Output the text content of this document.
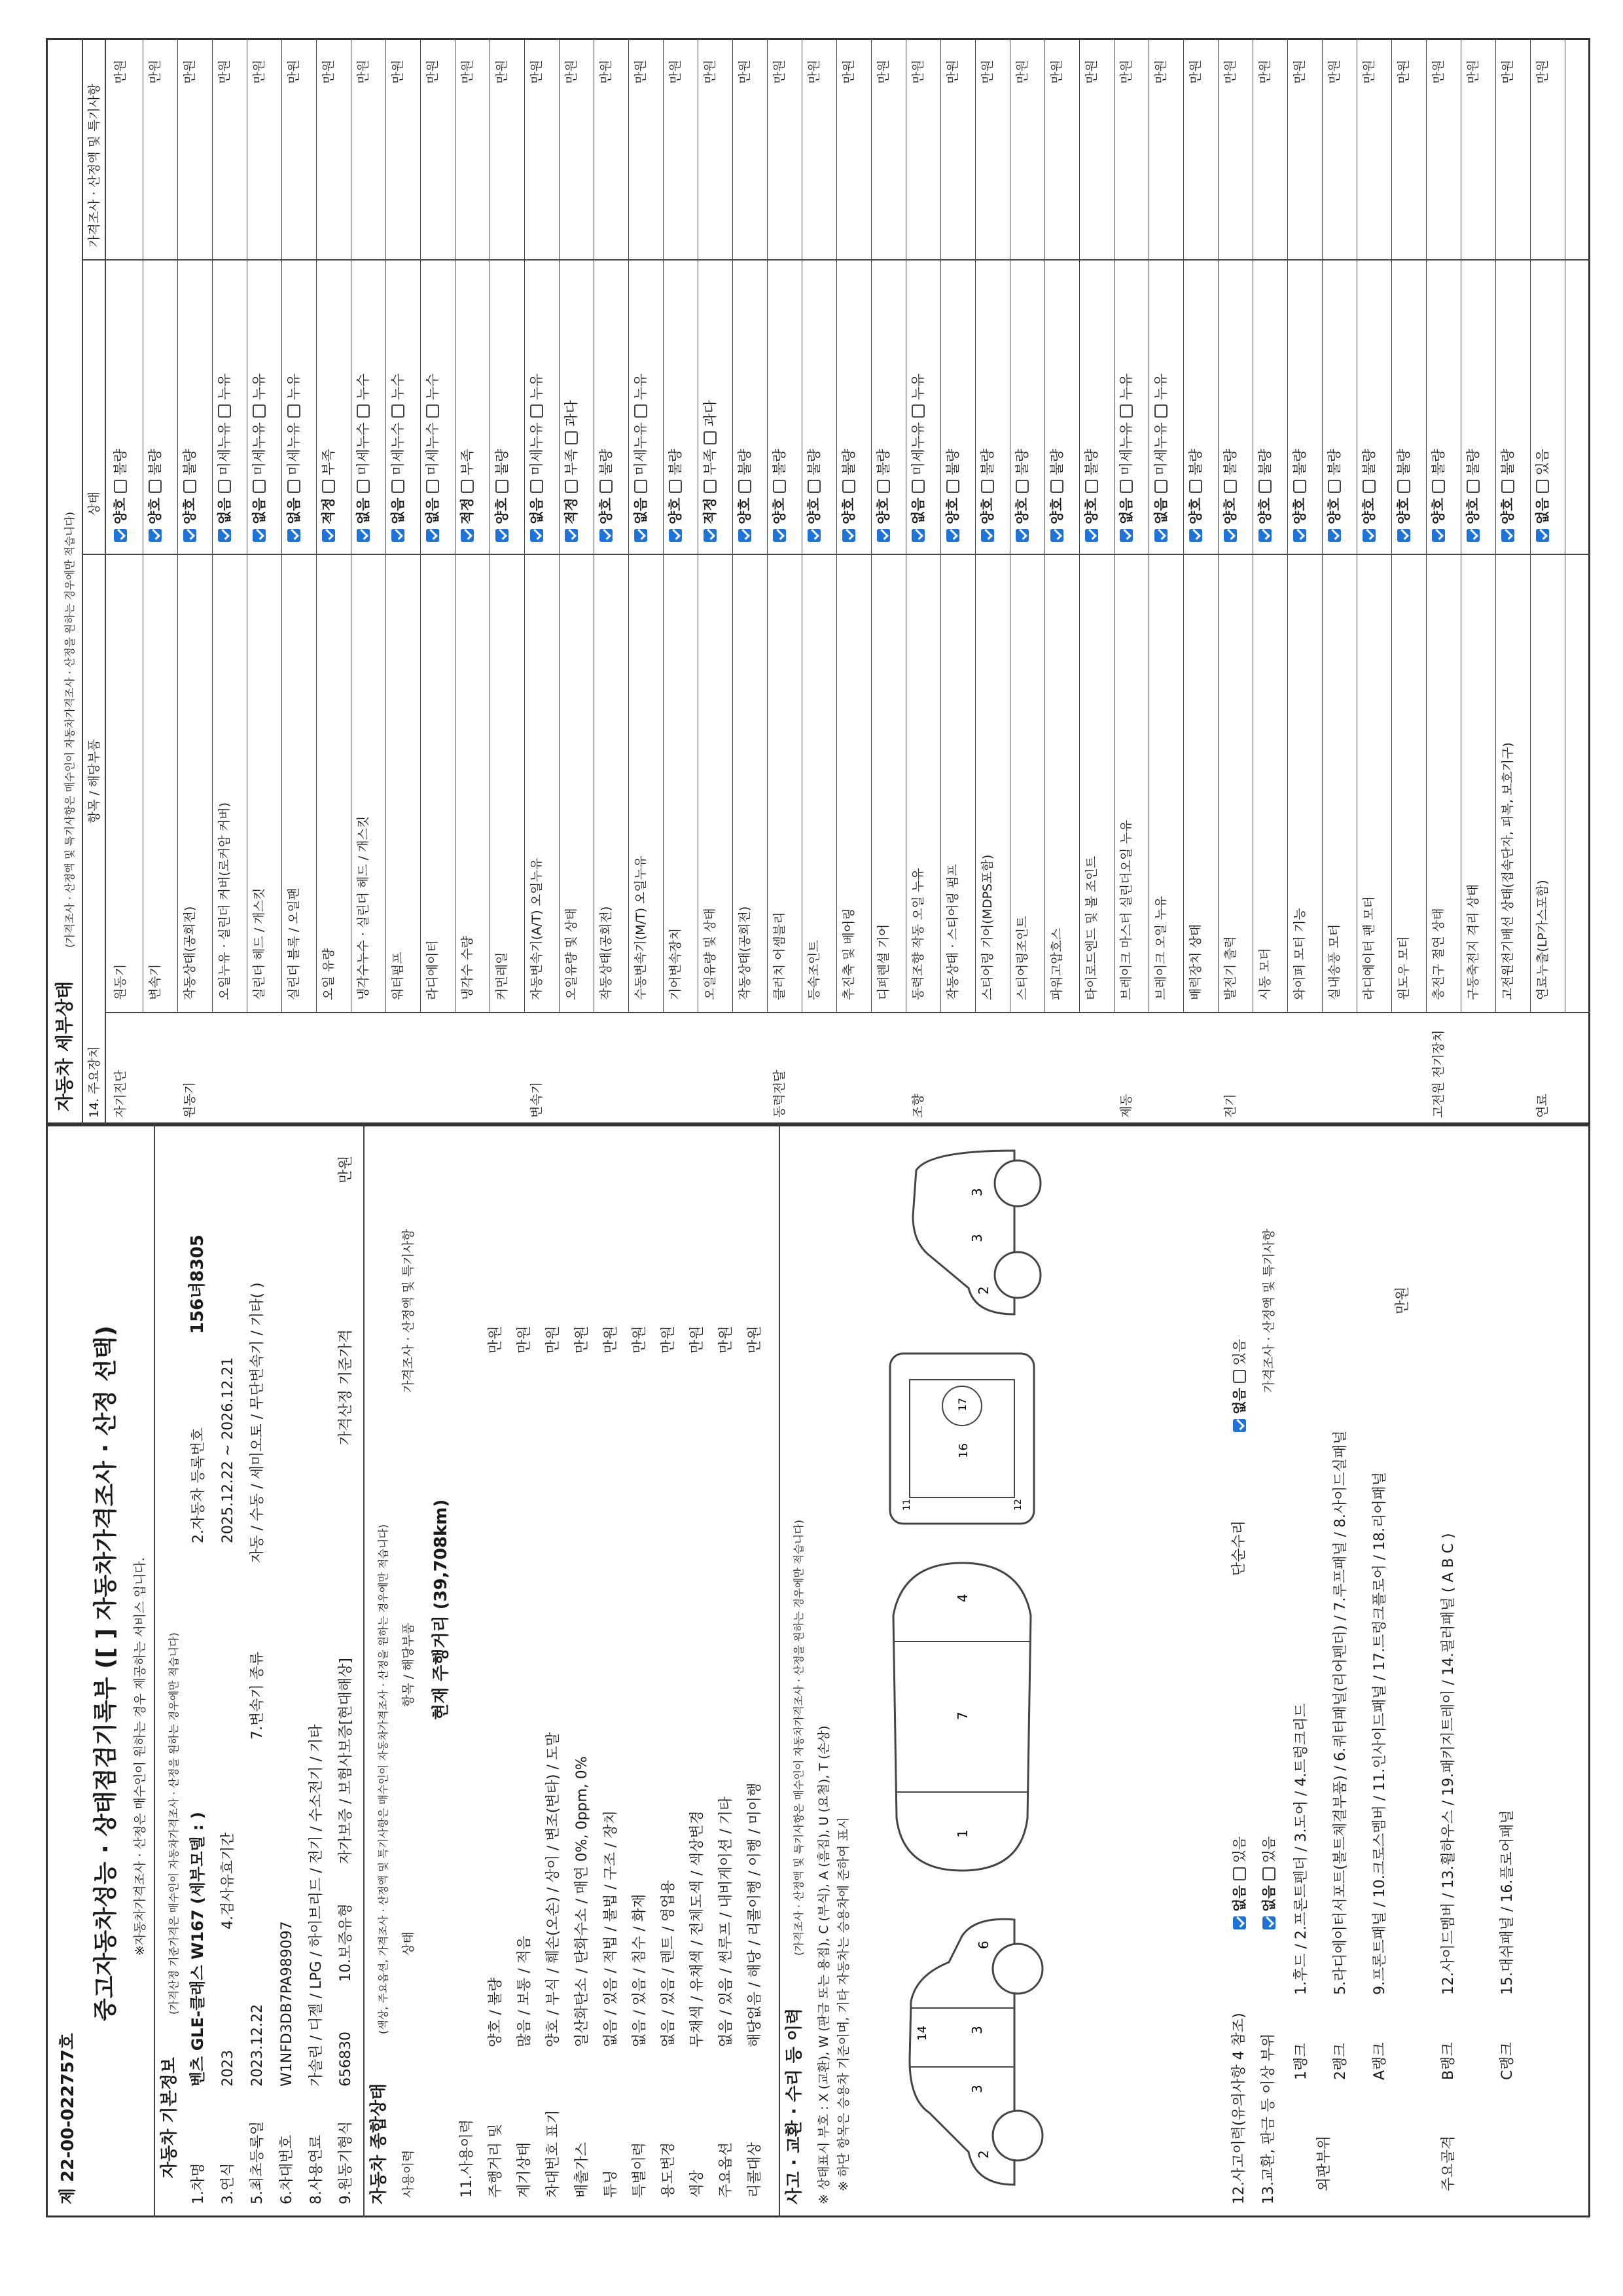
제 22-00-022757호
중고자동차성능 · 상태점검기록부 ([ ] 자동차가격조사 · 산정 선택) ※자동차가격조사 · 산정은 매수인이 원하는 경우 제공하는 서비스 입니다.
자동차 기본정보
(가격산정 기준가격은 매수인이 자동차가격조사 · 산정을 원하는 경우에만 적습니다)
1.차명
벤츠 GLE-클래스 W167 (세부모델 : )
2.자동차 등록번호
156녀8305
3.연식
2023
4.검사유효기간
2025.12.22 ~ 2026.12.21
5.최초등록일
2023.12.22
7.변속기 종류
자동 / 수동 / 세미오토 / 무단변속기 / 기타( )
6.차대번호
W1NFD3DB7PA989097
8.사용연료
가솔린 / 디젤 / LPG / 하이브리드 / 전기 / 수소전기 / 기타
9.원동기형식
656830
10.보증유형
자가보증 / 보험사보증[현대해상]
가격산정 기준가격
만원
자동차 종합상태
(색상, 주요옵션, 가격조사 · 산정액 및 특기사항은 매수인이 자동차가격조사 · 산정을 원하는 경우에만 적습니다)
사용이력
상태
항목 / 해당부품
가격조사 · 산정액 및 특기사항
현재 주행거리 (39,708km)
11.사용이력 주행거리 및
양호 / 불량
만원
계기상태
많음 / 보통 / 적음
만원
차대번호 표기
양호 / 부식 / 훼손(오손) / 상이 / 변조(변타) / 도말
만원
배출가스
일산화탄소 / 탄화수소 / 매연 0%, 0ppm, 0%
만원
튜닝
없음 / 있음 / 적법 / 불법 / 구조 / 장치
만원
특별이력
없음 / 있음 / 침수 / 화재
만원
용도변경
없음 / 있음 / 렌트 / 영업용
만원
색상
무채색 / 유채색 / 전체도색 / 색상변경
만원
주요옵션
없음 / 있음 / 썬루프 / 내비게이션 / 기타
만원
리콜대상
해당없음 / 해당 / 리콜이행 / 이행 / 미이행
만원
사고 · 교환 · 수리 등 이력
(가격조사 · 산정액 및 특기사항은 매수인이 자동차가격조사 · 산정을 원하는 경우에만 적습니다) ※ 상태표시 부호 : X (교환), W (판금 또는 용접), C (부식), A (흠집), U (요철), T (손상) ※ 하단 항목은 승용차 기준이며, 기타 자동차는 승용차에 준하여 표시	2
3
3
6
14
1
7
4
16
17
11	12
2
3
3
12.사고이력(유의사항 4 참조)
없음
있음
단순수리
없음
있음
13.교환, 판금 등 이상 부위
없음
있음
가격조사 · 산정액 및 특기사항
외판부위
1랭크
1.후드 / 2.프론트펜더 / 3.도어 / 4.트렁크리드
2랭크
5.라디에이터서포트(볼트체결부품) / 6.쿼터패널(리어펜더) / 7.루프패널 / 8.사이드실패널
주요골격
A랭크
9.프론트패널 / 10.크로스멤버 / 11.인사이드패널 / 17.트렁크플로어 / 18.리어패널
B랭크
12.사이드멤버 / 13.휠하우스 / 19.패키지트레이 / 14.필러패널 ( A B C )
C랭크
15.대쉬패널 / 16.플로어패널
만원
자동차 세부상태
(가격조사 · 산정액 및 특기사항은 매수인이 자동차가격조사 · 산정을 원하는 경우에만 적습니다)
14. 주요장치
항목 / 해당부품
상태
가격조사 · 산정액 및 특기사항
자기진단
원동기
양호
불량
만원
변속기
양호
불량
만원
원동기
작동상태(공회전)
양호
불량
만원
오일누유 · 실린더 커버(로커암 커버)
없음
미세누유
누유
만원
실린더 헤드 / 개스킷
없음
미세누유
누유
만원
실린더 블록 / 오일팬
없음
미세누유
누유
만원
오일 유량
적정
부족
만원
냉각수누수 · 실린더 헤드 / 개스킷
없음
미세누수
누수
만원
워터펌프
없음
미세누수
누수
만원
라디에이터
없음
미세누수
누수
만원
냉각수 수량
적정
부족
만원
커먼레일
양호
불량
만원
변속기
자동변속기(A/T) 오일누유
없음
미세누유
누유
만원
오일유량 및 상태
적정
부족
과다
만원
작동상태(공회전)
양호
불량
만원
수동변속기(M/T) 오일누유
없음
미세누유
누유
만원
기어변속장치
양호
불량
만원
오일유량 및 상태
적정
부족
과다
만원
작동상태(공회전)
양호
불량
만원
동력전달
클러치 어셈블리
양호
불량
만원
등속조인트
양호
불량
만원
추진축 및 베어링
양호
불량
만원
디퍼렌셜 기어
양호
불량
만원
조향
동력조향 작동 오일 누유
없음
미세누유
누유
만원
작동상태 · 스티어링 펌프
양호
불량
만원
스티어링 기어(MDPS포함)
양호
불량
만원
스티어링조인트
양호
불량
만원
파워고압호스
양호
불량
만원
타이로드엔드 및 볼 조인트
양호
불량
만원
제동
브레이크 마스터 실린더오일 누유
없음
미세누유
누유
만원
브레이크 오일 누유
없음
미세누유
누유
만원
배력장치 상태
양호
불량
만원
전기
발전기 출력
양호
불량
만원
시동 모터
양호
불량
만원
와이퍼 모터 기능
양호
불량
만원
실내송풍 모터
양호
불량
만원
라디에이터 팬 모터
양호
불량
만원
윈도우 모터
양호
불량
만원
고전원 전기장치
충전구 절연 상태
양호
불량
만원
구동축전지 격리 상태
양호
불량
만원
고전원전기배선 상태(접속단자, 피복, 보호기구)
양호
불량
만원
연료
연료누출(LP가스포함)
없음
있음
만원
